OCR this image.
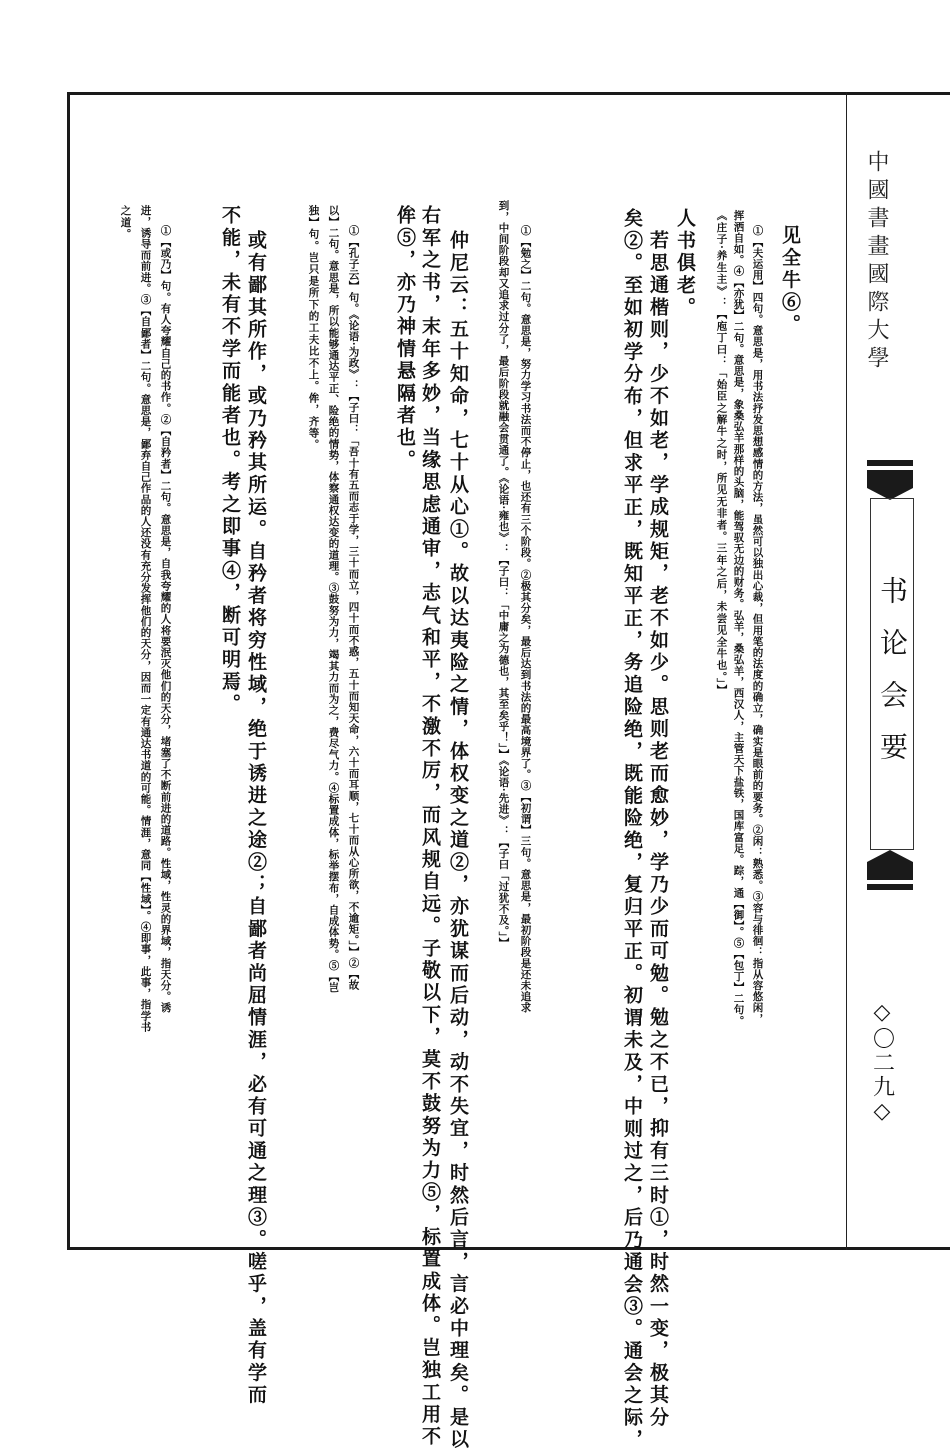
中國書畫國際大學
书论会要
◇〇二九◇
见全牛⑥。
①【夫运用】四句。意思是，用书法抒发思想感情的方法，虽然可以独出心裁，但用笔的法度的确立，确实是眼前的要务。②闲：熟悉。③容与徘徊：指从容悠闲，
挥洒自如。④【亦犹】二句。意思是，象桑弘羊那样的头脑，能驾驭无边的财务。弘羊，桑弘羊，西汉人，主管天下盐铁，国库富足。踪，通【御】。⑤【包丁】二句。
《庄子·养生主》：【庖丁曰：「始臣之解牛之时，所见无非者。三年之后，未尝见全牛也。」】
人书俱老。
矣②。至如初学分布，但求平正，既知平正，务追险绝，既能险绝，复归平正。初谓未及，中则过之，后乃通会③。通会之际， 若思通楷则，少不如老，学成规矩，老不如少。思则老而愈妙，学乃少而可勉。勉之不已，抑有三时①，时然一变，极其分
到，中间阶段却又追求过分了，最后阶段就融会贯通了。《论语·雍也》：【子曰：「中庸之为德也，其至矣乎！」】《论语·先进》：【子曰「过犹不及。」】 ①【勉之】二句。意思是，努力学习书法而不停止，也还有三个阶段。②极其分矣，最后达到书法的最高境界了。③【初谓】三句。意思是，最初阶段是还未追求
仲尼云：五十知命，七十从心①。故以达夷险之情，体权变之道②，亦犹谋而后动，动不失宜，时然后言，言必中理矣。是以
右军之书，末年多妙，当缘思虑通审，志气和平，不激不厉，而风规自远。子敬以下，莫不鼓努为力⑤，标置成体。岂独工用不
侔⑤，亦乃神情悬隔者也。
①【孔子云】句。《论语·为政》：【子曰：「吾十有五而志于学，三十而立，四十而不惑，五十而知天命，六十而耳顺，七十而从心所欲，不逾矩。」】②【故
以】二句。意思是，所以能够通达平正、险绝的情势，体察通权达变的道理。③鼓努为力，竭其力而为之，费尽气力。④标置成体，标举摆布，自成体势。⑤【岂
独】句。岂只是所下的工夫比不上。侔，齐等。
或有鄙其所作，或乃矜其所运。自矜者将穷性域，绝于诱进之途②；自鄙者尚屈情涯，必有可通之理③。嗟乎，盖有学而
不能，未有不学而能者也。考之即事④，断可明焉。
①【或乃】句。有人夸耀自己的书作。②【自矜者】二句。意思是，自我夸耀的人将要泯灭他们的天分，堵塞了不断前进的道路。性域，性灵的界域，指天分。诱
进，诱导而前进。③【自鄙者】二句。意思是，鄙弃自己作品的人还没有充分发挥他们的天分，因而一定有通达书道的可能。情涯，意同【性域】。④即事，此事，指学书
之道。
